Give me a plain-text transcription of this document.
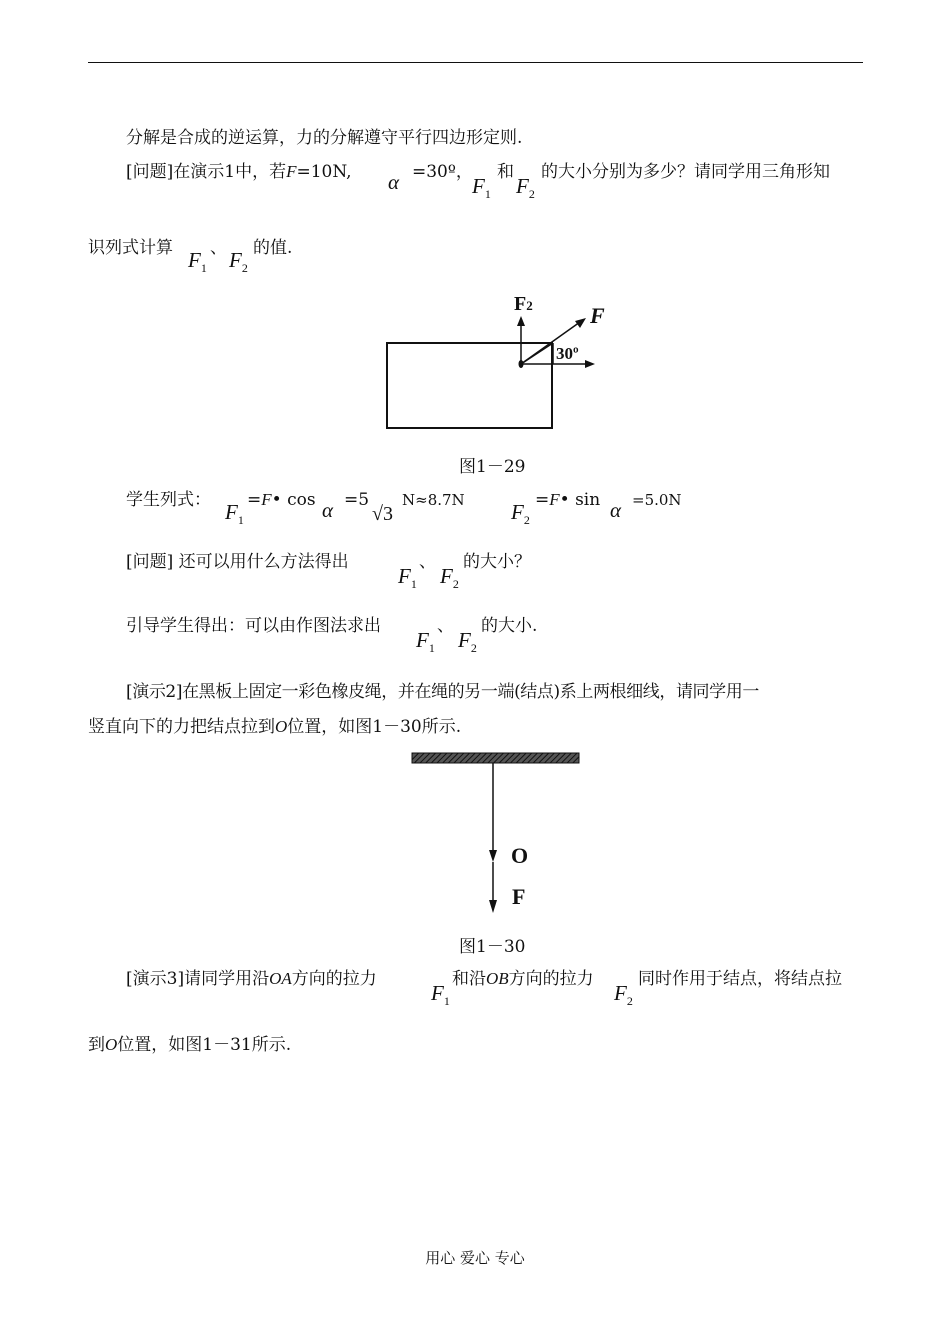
分解是合成的逆运算，力的分解遵守平行四边形定则.
[问题]在演示1中，若F=10N, α =30º，
$F_1$
和
$F_2$
的大小分别为多少？请同学用三角形知
识列式计算 $F_1$
、 $F_2$
的值.
F2	F
30º
图1－29
学生列式： $F_1$
=F• cos α =5
√3
N≈8.7N $F_2$
=F• sin α =5.0N
[问题] 还可以用什么方法得出
$F_1$
、
$F_2$
的大小？
引导学生得出：可以由作图法求出
$F_1$
、
$F_2$
的大小.
[演示2]在黑板上固定一彩色橡皮绳，并在绳的另一端(结点)系上两根细线，请同学用一
竖直向下的力把结点拉到O位置，如图1－30所示.
O
F
图1－30
[演示3]请同学用沿OA方向的拉力
$F_1$
和沿OB方向的拉力
$F_2$
同时作用于结点，将结点拉
到O位置，如图1－31所示.
用心 爱心 专心
